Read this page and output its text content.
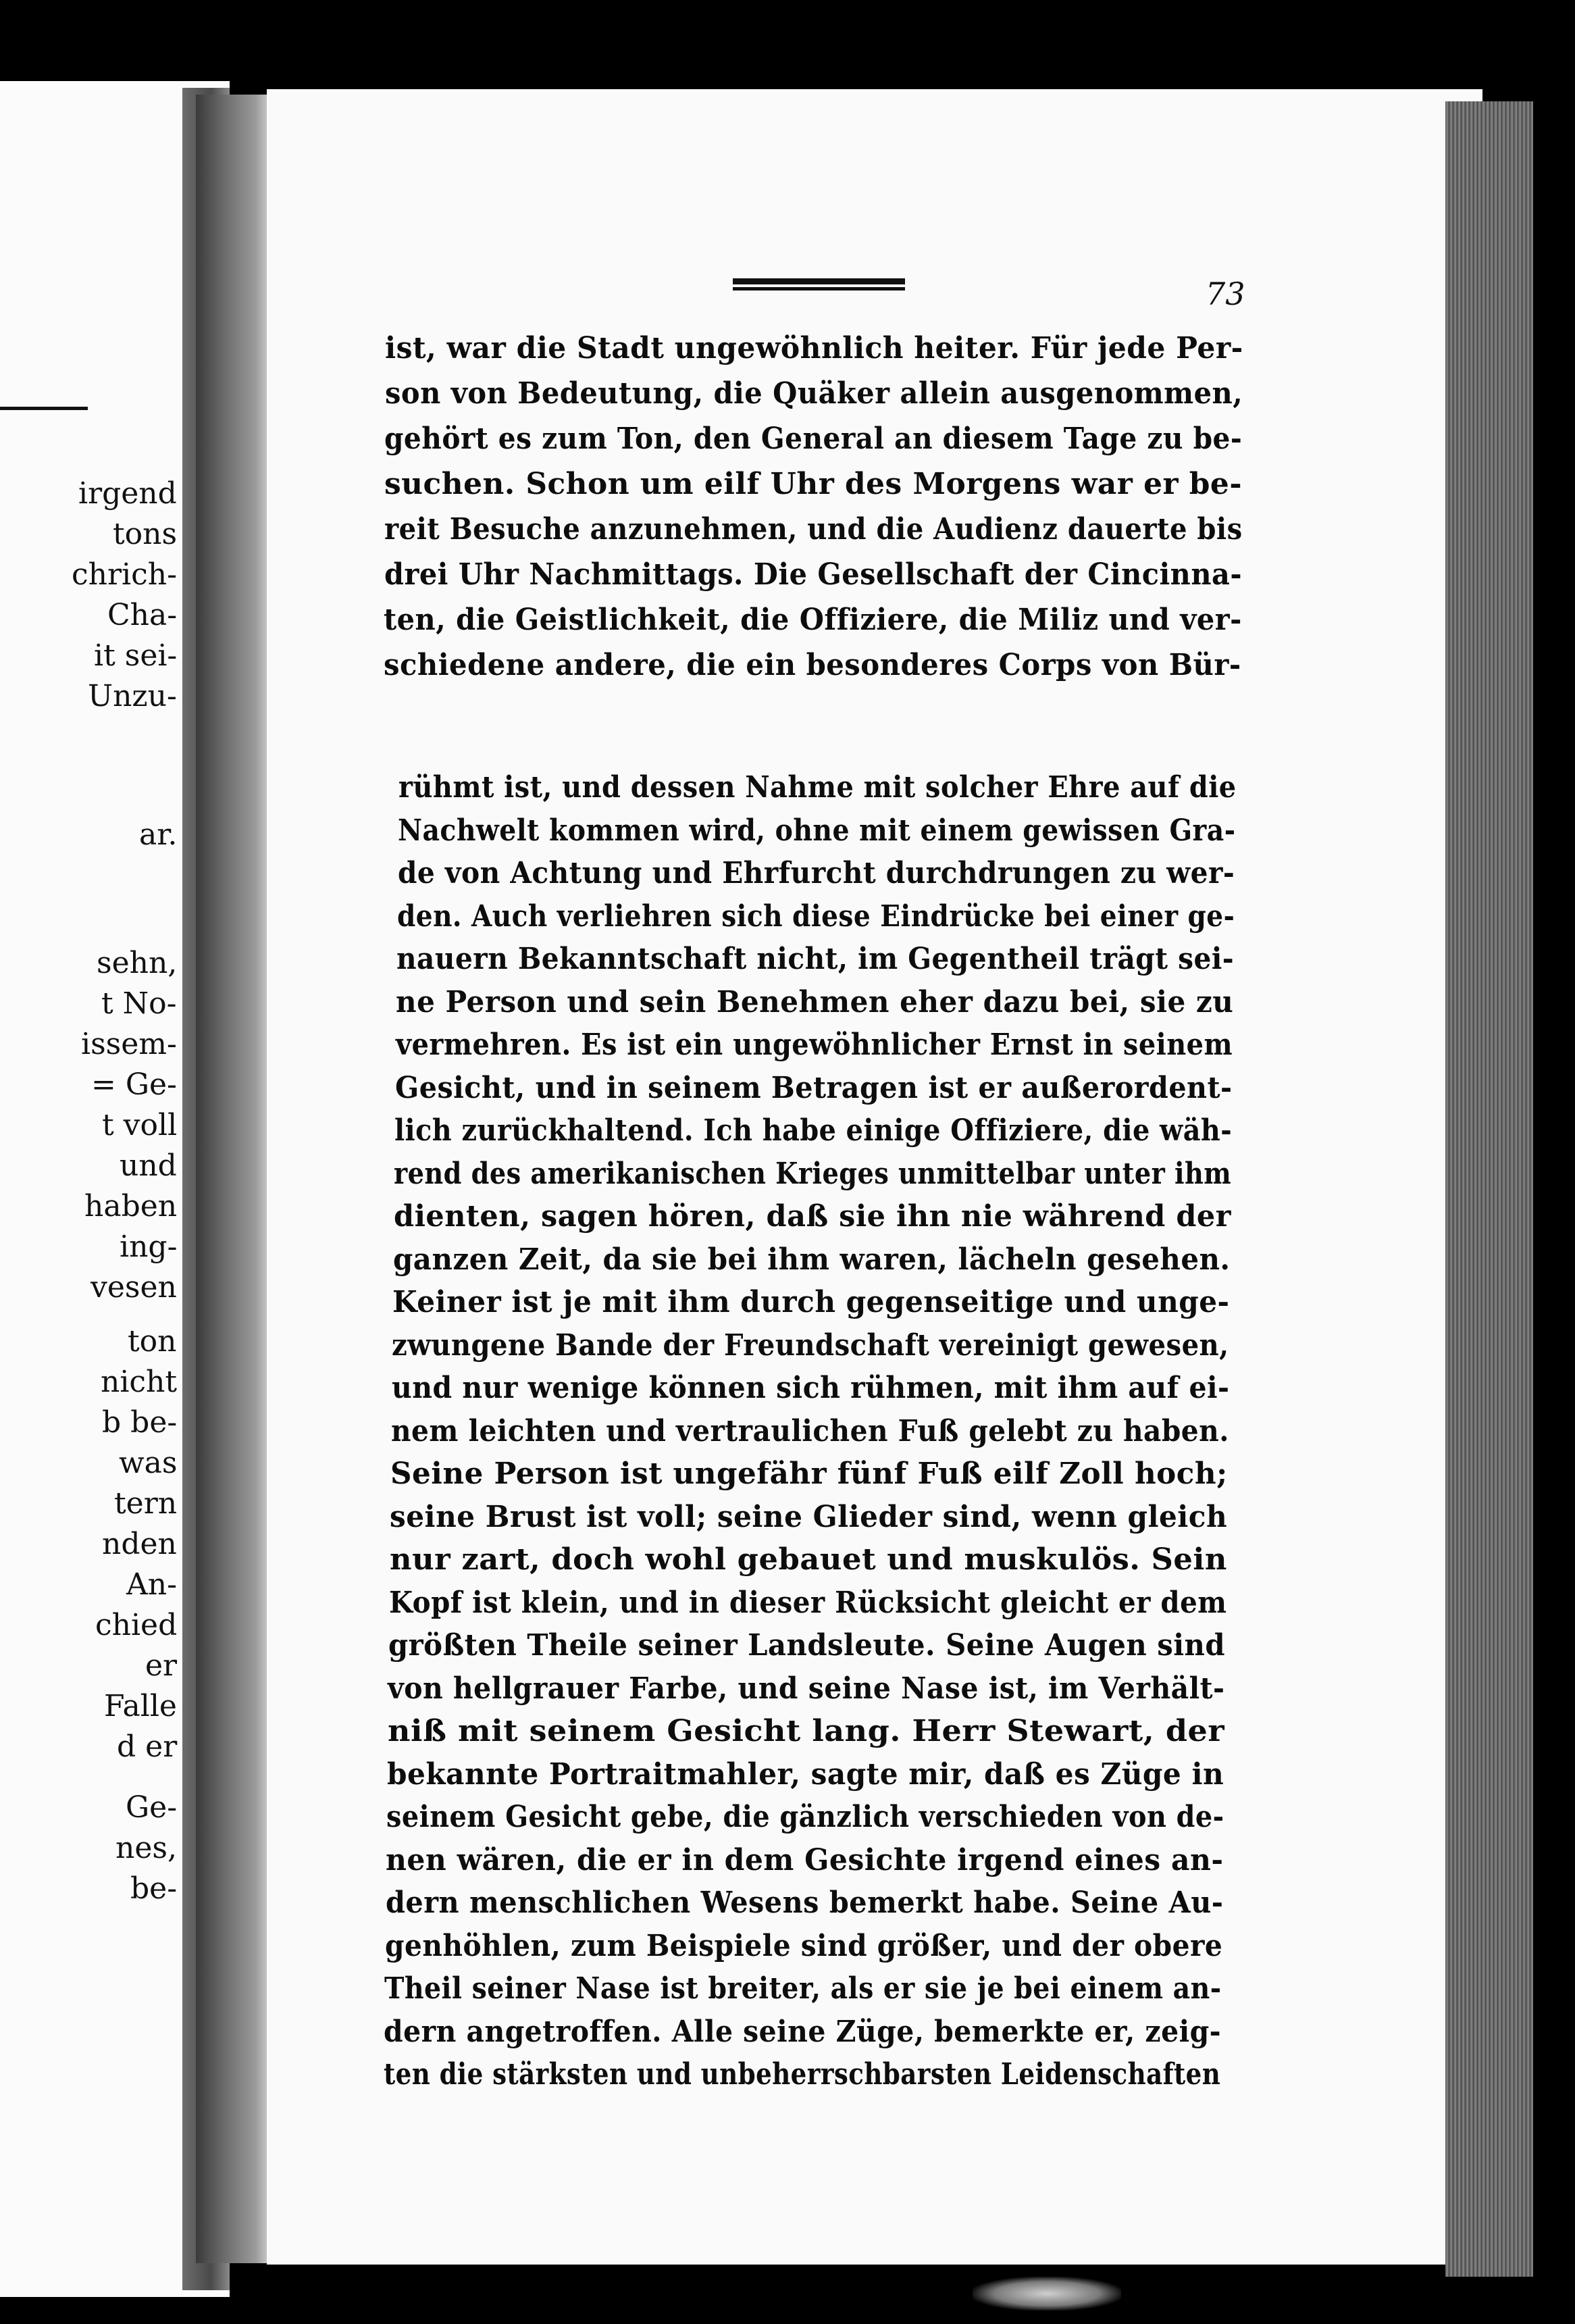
irgend
tons
chrich-
Cha-
it sei-
Unzu-
ar.
sehn,
t No-
issem-
= Ge-
t voll
und
haben
ing-
vesen
ton
nicht
b be-
was
tern
nden
An-
chied
er
Falle
d er
Ge-
nes,
be-
73
ist, war die Stadt ungewöhnlich heiter. Für jede Per-
son von Bedeutung, die Quäker allein ausgenommen,
gehört es zum Ton, den General an diesem Tage zu be-
suchen. Schon um eilf Uhr des Morgens war er be-
reit Besuche anzunehmen, und die Audienz dauerte bis
drei Uhr Nachmittags. Die Gesellschaft der Cincinna-
ten, die Geistlichkeit, die Offiziere, die Miliz und ver-
schiedene andere, die ein besonderes Corps von Bür-
rühmt ist, und dessen Nahme mit solcher Ehre auf die
Nachwelt kommen wird, ohne mit einem gewissen Gra-
de von Achtung und Ehrfurcht durchdrungen zu wer-
den. Auch verliehren sich diese Eindrücke bei einer ge-
nauern Bekanntschaft nicht, im Gegentheil trägt sei-
ne Person und sein Benehmen eher dazu bei, sie zu
vermehren. Es ist ein ungewöhnlicher Ernst in seinem
Gesicht, und in seinem Betragen ist er außerordent-
lich zurückhaltend. Ich habe einige Offiziere, die wäh-
rend des amerikanischen Krieges unmittelbar unter ihm
dienten, sagen hören, daß sie ihn nie während der
ganzen Zeit, da sie bei ihm waren, lächeln gesehen.
Keiner ist je mit ihm durch gegenseitige und unge-
zwungene Bande der Freundschaft vereinigt gewesen,
und nur wenige können sich rühmen, mit ihm auf ei-
nem leichten und vertraulichen Fuß gelebt zu haben.
Seine Person ist ungefähr fünf Fuß eilf Zoll hoch;
seine Brust ist voll; seine Glieder sind, wenn gleich
nur zart, doch wohl gebauet und muskulös. Sein
Kopf ist klein, und in dieser Rücksicht gleicht er dem
größten Theile seiner Landsleute. Seine Augen sind
von hellgrauer Farbe, und seine Nase ist, im Verhält-
niß mit seinem Gesicht lang. Herr Stewart, der
bekannte Portraitmahler, sagte mir, daß es Züge in
seinem Gesicht gebe, die gänzlich verschieden von de-
nen wären, die er in dem Gesichte irgend eines an-
dern menschlichen Wesens bemerkt habe. Seine Au-
genhöhlen, zum Beispiele sind größer, und der obere
Theil seiner Nase ist breiter, als er sie je bei einem an-
dern angetroffen. Alle seine Züge, bemerkte er, zeig-
ten die stärksten und unbeherrschbarsten Leidenschaften
